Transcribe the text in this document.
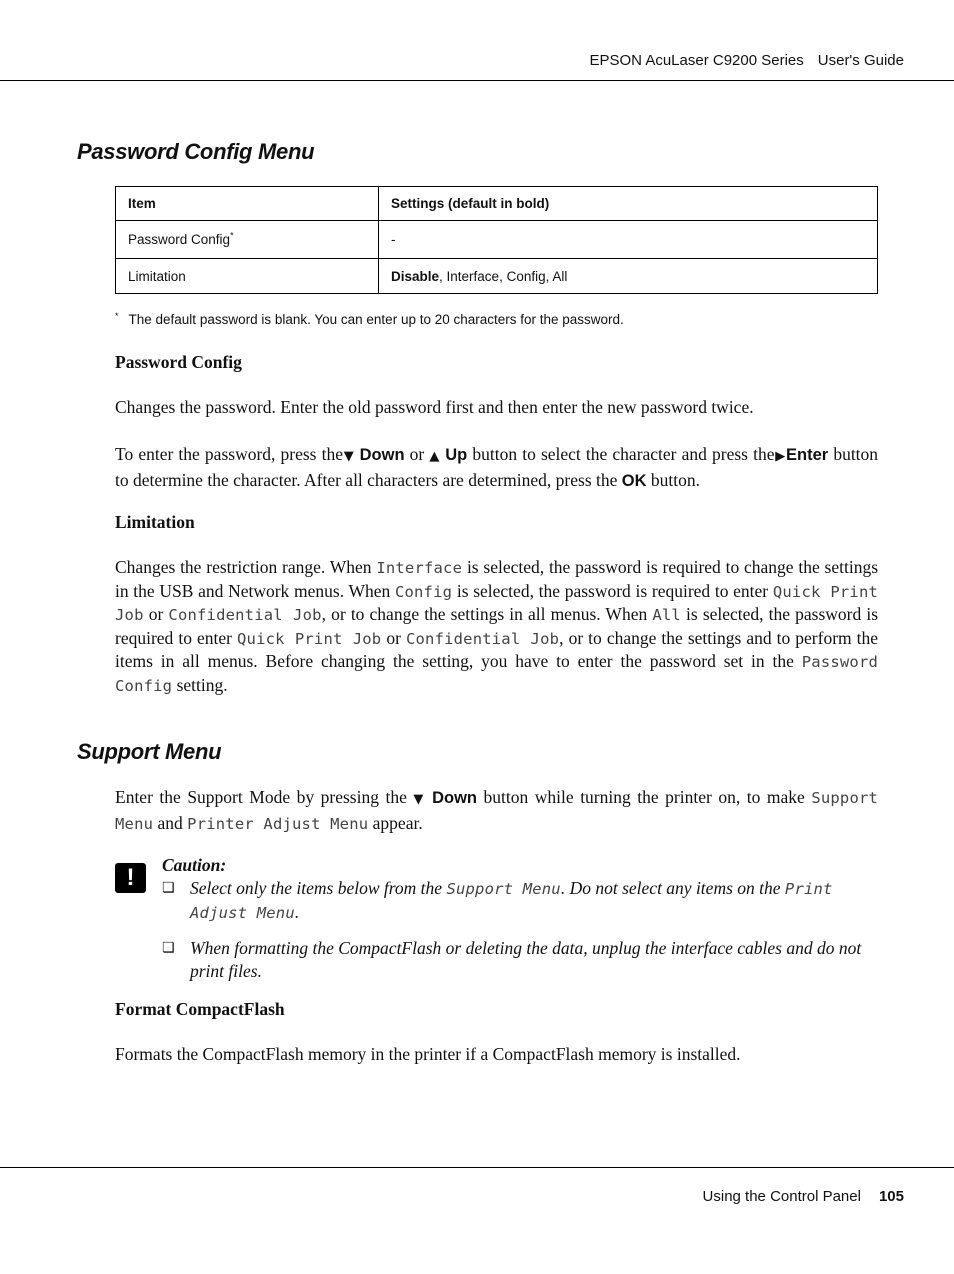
EPSON AcuLaser C9200 Series User's Guide
Password Config Menu
Item	Settings (default in bold)
Password Config*	-
Limitation	Disable, Interface, Config, All
* The default password is blank. You can enter up to 20 characters for the password.
Password Config
Changes the password. Enter the old password first and then enter the new password twice.
To enter the password, press the▼ Down or ▲ Up button to select the character and press the▶Enter button to determine the character. After all characters are determined, press the OK button.
Limitation
Changes the restriction range. When Interface is selected, the password is required to change the settings in the USB and Network menus. When Config is selected, the password is required to enter Quick Print Job or Confidential Job, or to change the settings in all menus. When All is selected, the password is required to enter Quick Print Job or Confidential Job, or to change the settings and to perform the items in all menus. Before changing the setting, you have to enter the password set in the Password Config setting.
Support Menu
Enter the Support Mode by pressing the ▼ Down button while turning the printer on, to make Support Menu and Printer Adjust Menu appear.
!	Caution:
❏ Select only the items below from the Support Menu. Do not select any items on the Print Adjust Menu.
❏ When formatting the CompactFlash or deleting the data, unplug the interface cables and do not print files.
Format CompactFlash
Formats the CompactFlash memory in the printer if a CompactFlash memory is installed.
Using the Control Panel 105
